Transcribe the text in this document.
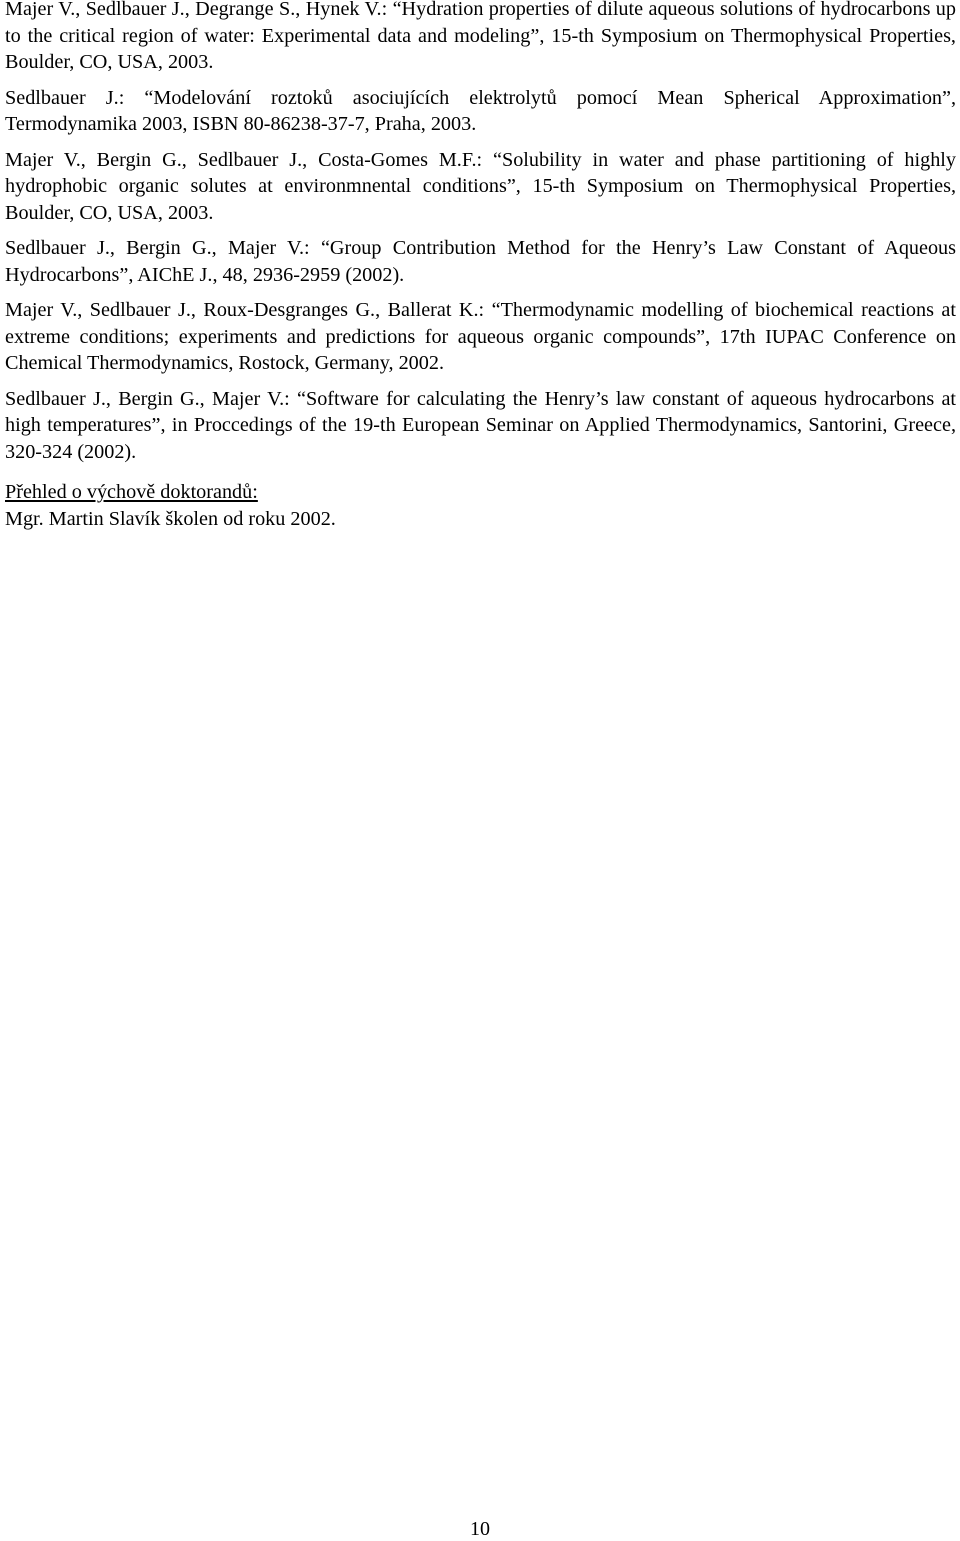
Majer V., Sedlbauer J., Degrange S., Hynek V.: “Hydration properties of dilute aqueous solutions of hydrocarbons up to the critical region of water: Experimental data and modeling”, 15-th Symposium on Thermophysical Properties, Boulder, CO, USA, 2003.

Sedlbauer J.: “Modelování roztoků asociujících elektrolytů pomocí Mean Spherical Approximation”, Termodynamika 2003, ISBN 80-86238-37-7, Praha, 2003.

Majer V., Bergin G., Sedlbauer J., Costa-Gomes M.F.: “Solubility in water and phase partitioning of highly hydrophobic organic solutes at environmnental conditions”, 15-th Symposium on Thermophysical Properties, Boulder, CO, USA, 2003.

Sedlbauer J., Bergin G., Majer V.: “Group Contribution Method for the Henry’s Law Constant of Aqueous Hydrocarbons”, AIChE J., 48, 2936-2959 (2002).

Majer V., Sedlbauer J., Roux-Desgranges G., Ballerat K.: “Thermodynamic modelling of biochemical reactions at extreme conditions; experiments and predictions for aqueous organic compounds”, 17th IUPAC Conference on Chemical Thermodynamics, Rostock, Germany, 2002.

Sedlbauer J., Bergin G., Majer V.: “Software for calculating the Henry’s law constant of aqueous hydrocarbons at high temperatures”, in Proccedings of the 19-th European Seminar on Applied Thermodynamics, Santorini, Greece, 320-324 (2002).

Přehled o výchově doktorandů:

Mgr. Martin Slavík školen od roku 2002.

10
